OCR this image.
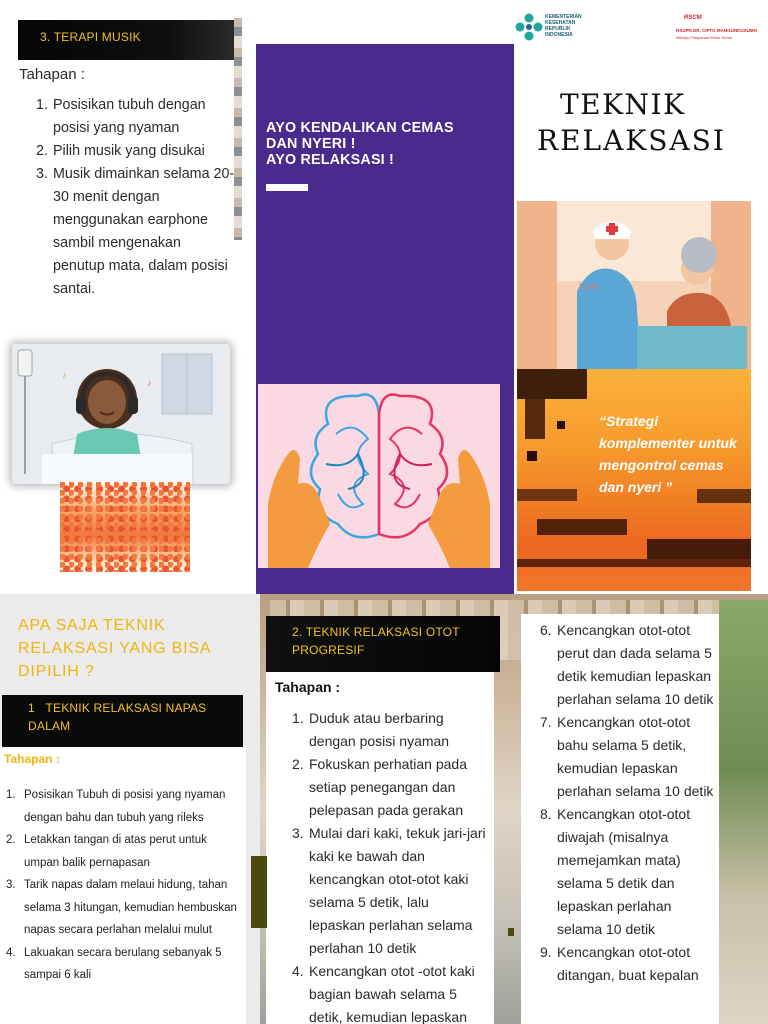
3. TERAPI MUSIK
Tahapan :
1. Posisikan tubuh dengan posisi yang nyaman
2. Pilih musik yang disukai
3. Musik dimainkan selama 20-30 menit dengan menggunakan earphone sambil mengenakan penutup mata, dalam posisi santai.
♪
♪
AYO KENDALIKAN CEMAS
DAN NYERI !
AYO RELAKSASI !
KEMENTERIAN
KESEHATAN
REPUBLIK
INDONESIA
RSCM
RSUPN DR. CIPTO MANGUNKUSUMO
Menuju Pelayanan Kelas Dunia
TEKNIK
RELAKSASI
Love
“Strategi komplementer untuk mengontrol cemas dan nyeri ”
APA SAJA TEKNIK RELAKSASI YANG BISA DIPILIH ?
1 TEKNIK RELAKSASI NAPAS DALAM
Tahapan :
1. Posisikan Tubuh di posisi yang nyaman dengan bahu dan tubuh yang rileks
2. Letakkan tangan di atas perut untuk umpan balik pernapasan
3. Tarik napas dalam melaui hidung, tahan selama 3 hitungan, kemudian hembuskan napas secara perlahan melalui mulut
4. Lakuakan secara berulang sebanyak 5 sampai 6 kali
2. TEKNIK RELAKSASI OTOT PROGRESIF
Tahapan :
1. Duduk atau berbaring dengan posisi nyaman
2. Fokuskan perhatian pada setiap penegangan dan pelepasan pada gerakan
3. Mulai dari kaki, tekuk jari-jari kaki ke bawah dan kencangkan otot-otot kaki selama 5 detik, lalu lepaskan perlahan selama perlahan 10 detik
4. Kencangkan otot -otot kaki bagian bawah selama 5 detik, kemudian lepaskan
6. Kencangkan otot-otot perut dan dada selama 5 detik kemudian lepaskan perlahan selama 10 detik
7. Kencangkan otot-otot bahu selama 5 detik, kemudian lepaskan perlahan selama 10 detik
8. Kencangkan otot-otot diwajah (misalnya memejamkan mata) selama 5 detik dan lepaskan perlahan selama 10 detik
9. Kencangkan otot-otot ditangan, buat kepalan
